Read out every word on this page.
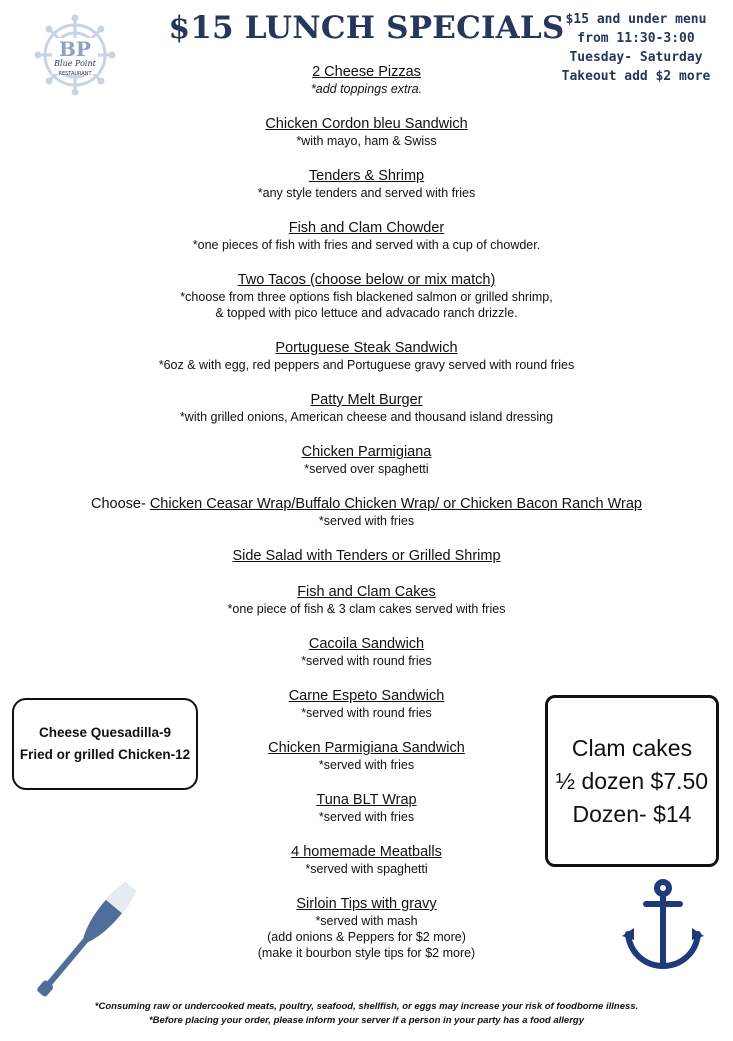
BP
Blue Point
RESTAURANT
$15 LUNCH SPECIALS $15 and under menu
from 11:30-3:00
Tuesday- Saturday
Takeout add $2 more
2 Cheese Pizzas
*add toppings extra.
Chicken Cordon bleu Sandwich
*with mayo, ham & Swiss
Tenders & Shrimp
*any style tenders and served with fries
Fish and Clam Chowder
*one pieces of fish with fries and served with a cup of chowder.
Two Tacos (choose below or mix match)
*choose from three options fish blackened salmon or grilled shrimp,
& topped with pico lettuce and advacado ranch drizzle.
Portuguese Steak Sandwich
*6oz & with egg, red peppers and Portuguese gravy served with round fries
Patty Melt Burger
*with grilled onions, American cheese and thousand island dressing
Chicken Parmigiana
*served over spaghetti
Choose- Chicken Ceasar Wrap/Buffalo Chicken Wrap/ or Chicken Bacon Ranch Wrap
*served with fries
Side Salad with Tenders or Grilled Shrimp
Fish and Clam Cakes
*one piece of fish & 3 clam cakes served with fries
Cacoila Sandwich
*served with round fries
Carne Espeto Sandwich
*served with round fries
Chicken Parmigiana Sandwich
*served with fries
Tuna BLT Wrap
*served with fries
4 homemade Meatballs
*served with spaghetti
Sirloin Tips with gravy
*served with mash
(add onions & Peppers for $2 more)
(make it bourbon style tips for $2 more)
Cheese Quesadilla-9
Fried or grilled Chicken-12	Clam cakes
½ dozen $7.50
Dozen- $14
*Consuming raw or undercooked meats, poultry, seafood, shellfish, or eggs may increase your risk of foodborne illness.
*Before placing your order, please inform your server if a person in your party has a food allergy
